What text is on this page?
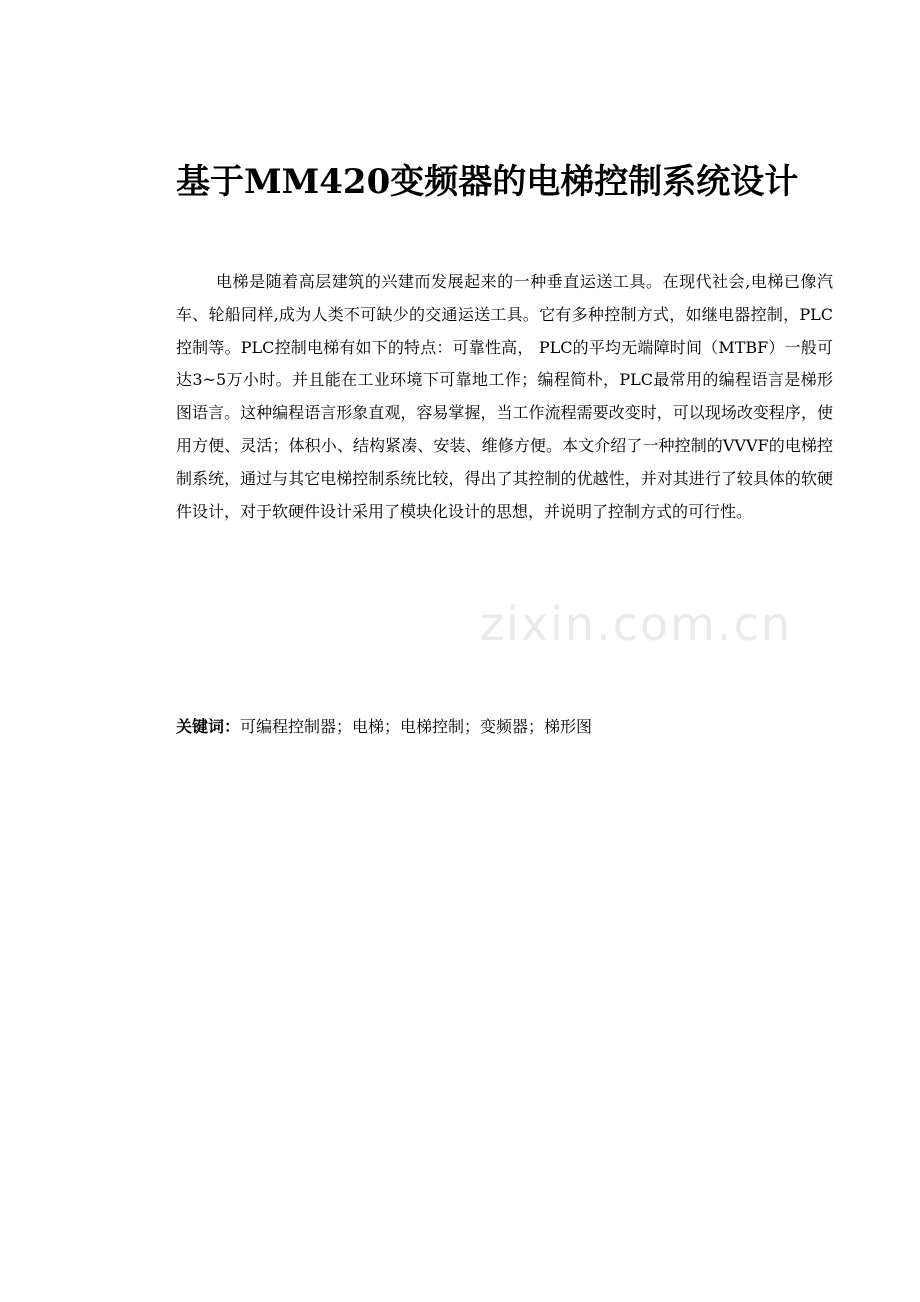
基于MM420变频器的电梯控制系统设计

电梯是随着高层建筑的兴建而发展起来的一种垂直运送工具。在现代社会,电梯已像汽车、轮船同样,成为人类不可缺少的交通运送工具。它有多种控制方式，如继电器控制，PLC控制等。PLC控制电梯有如下的特点：可靠性高， PLC的平均无端障时间（MTBF）一般可达3~5万小时。并且能在工业环境下可靠地工作；编程简朴，PLC最常用的编程语言是梯形图语言。这种编程语言形象直观，容易掌握，当工作流程需要改变时，可以现场改变程序，使用方便、灵活；体积小、结构紧凑、安装、维修方便。本文介绍了一种控制的VVVF的电梯控制系统，通过与其它电梯控制系统比较，得出了其控制的优越性，并对其进行了较具体的软硬件设计，对于软硬件设计采用了模块化设计的思想，并说明了控制方式的可行性。

关键词：可编程控制器；电梯；电梯控制；变频器；梯形图
zixin.com.cn
